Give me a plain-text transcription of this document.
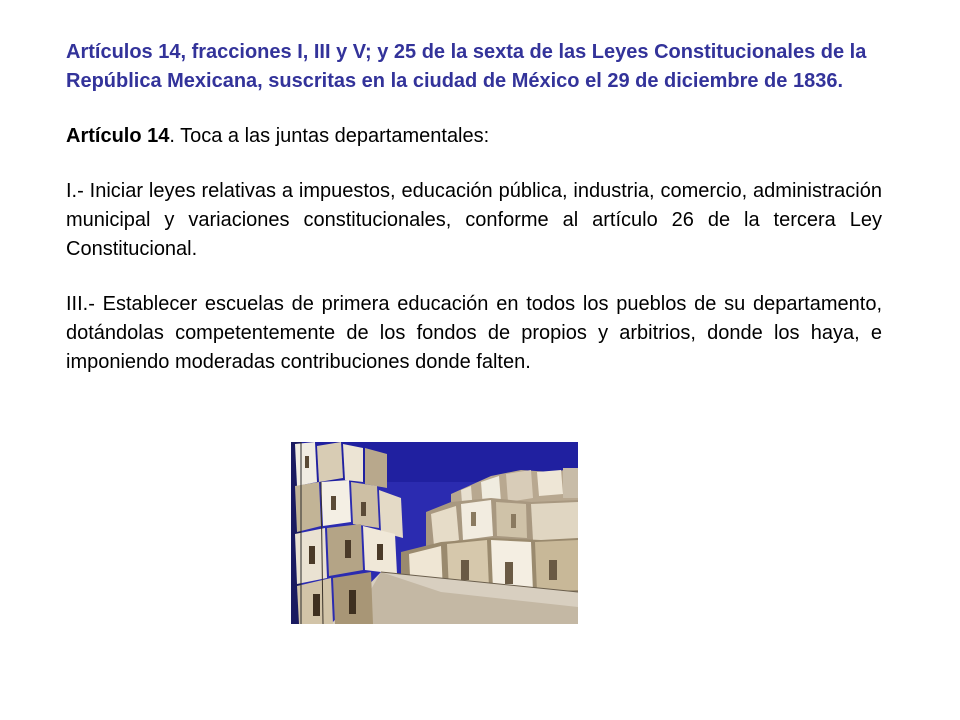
Artículos 14, fracciones I, III y V; y 25 de la sexta de las Leyes Constitucionales de la República Mexicana, suscritas en la ciudad de México el 29 de diciembre de 1836.

Artículo 14. Toca a las juntas departamentales:

I.- Iniciar leyes relativas a impuestos, educación pública, industria, comercio, administración municipal y variaciones constitucionales, conforme al artículo 26 de la tercera Ley Constitucional.

III.- Establecer escuelas de primera educación en todos los pueblos de su departamento, dotándolas competentemente de los fondos de propios y arbitrios, donde los haya, e imponiendo moderadas contribuciones donde falten.
